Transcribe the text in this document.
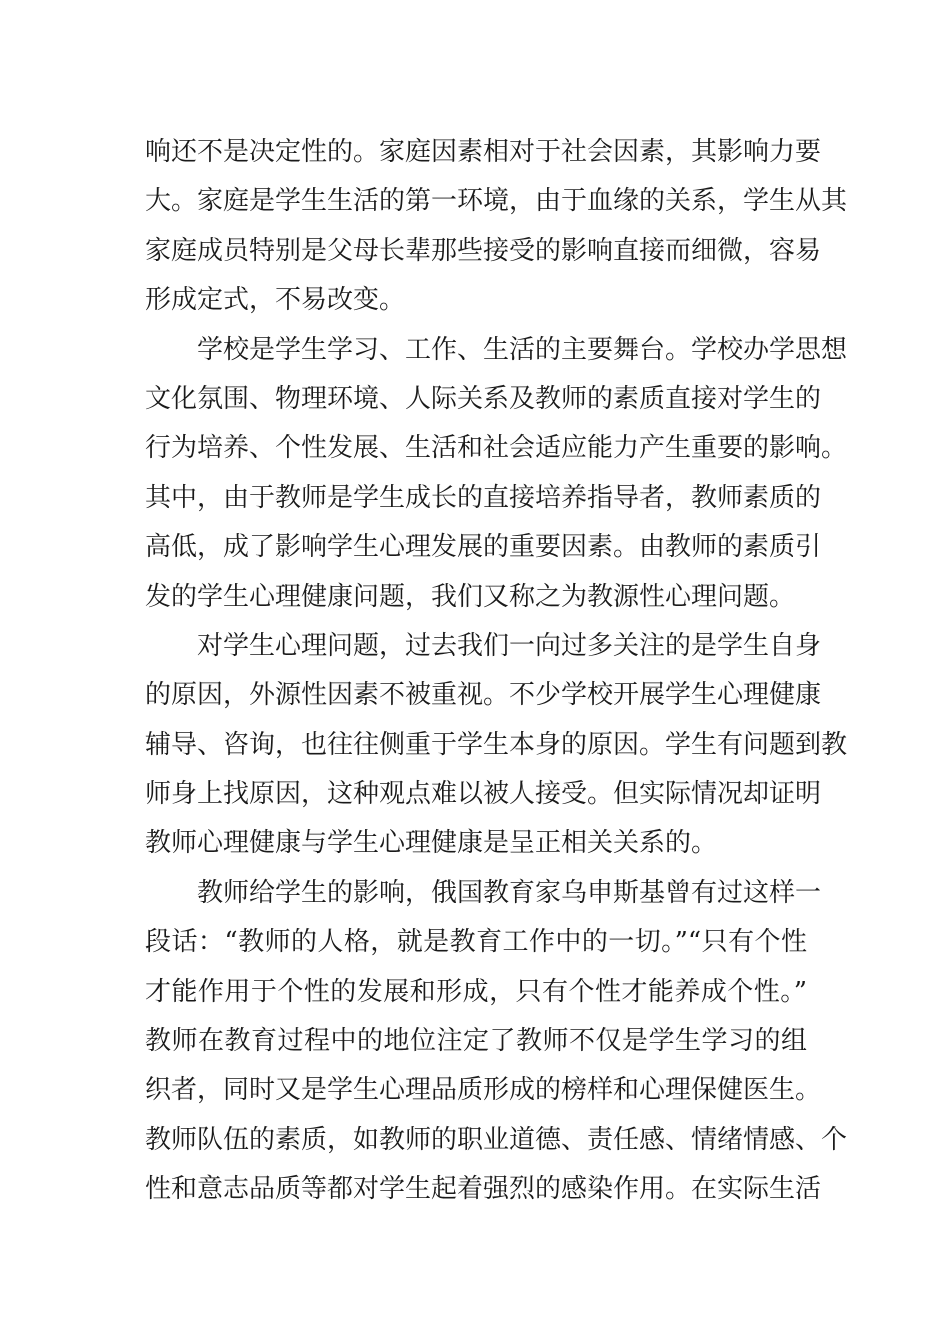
响还不是决定性的。家庭因素相对于社会因素，其影响力要
大。家庭是学生生活的第一环境，由于血缘的关系，学生从其
家庭成员特别是父母长辈那些接受的影响直接而细微，容易
形成定式，不易改变。
学校是学生学习、工作、生活的主要舞台。学校办学思想
文化氛围、物理环境、人际关系及教师的素质直接对学生的
行为培养、个性发展、生活和社会适应能力产生重要的影响。
其中，由于教师是学生成长的直接培养指导者，教师素质的
高低，成了影响学生心理发展的重要因素。由教师的素质引
发的学生心理健康问题，我们又称之为教源性心理问题。
对学生心理问题，过去我们一向过多关注的是学生自身
的原因，外源性因素不被重视。不少学校开展学生心理健康
辅导、咨询，也往往侧重于学生本身的原因。学生有问题到教
师身上找原因，这种观点难以被人接受。但实际情况却证明
教师心理健康与学生心理健康是呈正相关关系的。
教师给学生的影响，俄国教育家乌申斯基曾有过这样一
段话：“教师的人格，就是教育工作中的一切。”“只有个性
才能作用于个性的发展和形成，只有个性才能养成个性。”
教师在教育过程中的地位注定了教师不仅是学生学习的组
织者，同时又是学生心理品质形成的榜样和心理保健医生。
教师队伍的素质，如教师的职业道德、责任感、情绪情感、个
性和意志品质等都对学生起着强烈的感染作用。在实际生活
